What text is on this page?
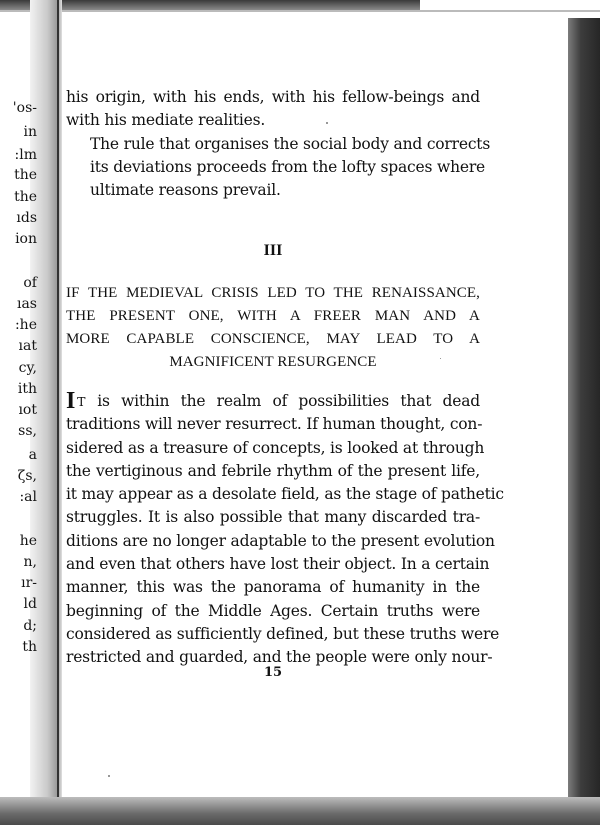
'os-
in
:lm
the
the
ıds
ion
of
ıas
:he
ıat
cy,
ith
ıot
ss,
a
ζs,
:al
he
n,
ır-
ld
d;
th

his origin, with his ends, with his fellow-beings and
with his mediate realities.

The rule that organises the social body and corrects
its deviations proceeds from the lofty spaces where
ultimate reasons prevail.

III
IF THE MEDIEVAL CRISIS LED TO THE RENAISSANCE,
THE PRESENT ONE, WITH A FREER MAN AND A
MORE CAPABLE CONSCIENCE, MAY LEAD TO A
MAGNIFICENT RESURGENCE

I T is within the realm of possibilities that dead
traditions will never resurrect. If human thought, con-
sidered as a treasure of concepts, is looked at through
the vertiginous and febrile rhythm of the present life,
it may appear as a desolate field, as the stage of pathetic
struggles. It is also possible that many discarded tra-
ditions are no longer adaptable to the present evolution
and even that others have lost their object. In a certain
manner, this was the panorama of humanity in the
beginning of the Middle Ages. Certain truths were
considered as sufficiently defined, but these truths were
restricted and guarded, and the people were only nour-

15
